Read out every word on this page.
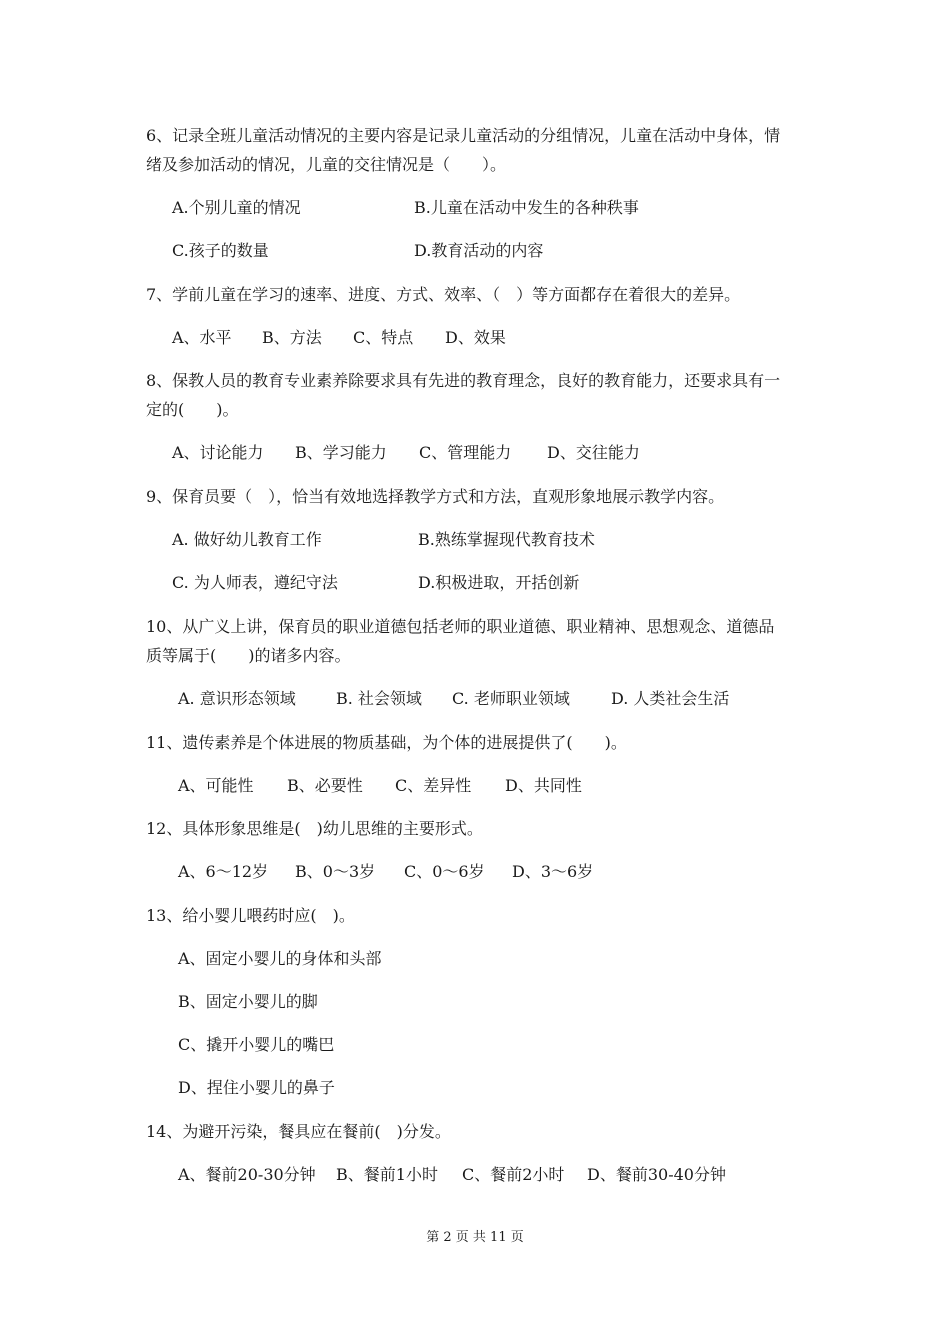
6、记录全班儿童活动情况的主要内容是记录儿童活动的分组情况，儿童在活动中身体，情
绪及参加活动的情况，儿童的交往情况是（　　）。
A.个别儿童的情况	B.儿童在活动中发生的各种秩事
C.孩子的数量	D.教育活动的内容
7、学前儿童在学习的速率、进度、方式、效率、（　）等方面都存在着很大的差异。
A、水平 B、方法 C、特点 D、效果
8、保教人员的教育专业素养除要求具有先进的教育理念，良好的教育能力，还要求具有一
定的(　　)。
A、讨论能力 B、学习能力 C、管理能力 D、交往能力
9、保育员要（　），恰当有效地选择教学方式和方法，直观形象地展示教学内容。
A. 做好幼儿教育工作	B.熟练掌握现代教育技术
C. 为人师表，遵纪守法	D.积极进取，开括创新
10、从广义上讲，保育员的职业道德包括老师的职业道德、职业精神、思想观念、道德品
质等属于(　　)的诸多内容。
A. 意识形态领域	B. 社会领域 C. 老师职业领域	D. 人类社会生活
11、遗传素养是个体进展的物质基础，为个体的进展提供了(　　)。
A、可能性 B、必要性 C、差异性 D、共同性
12、具体形象思维是(　)幼儿思维的主要形式。
A、6～12岁 B、0～3岁 C、0～6岁 D、3～6岁
13、给小婴儿喂药时应(　)。
A、固定小婴儿的身体和头部
B、固定小婴儿的脚
C、撬开小婴儿的嘴巴
D、捏住小婴儿的鼻子
14、为避开污染，餐具应在餐前(　)分发。
A、餐前20-30分钟 B、餐前1小时 C、餐前2小时 D、餐前30-40分钟
第 2 页 共 11 页
